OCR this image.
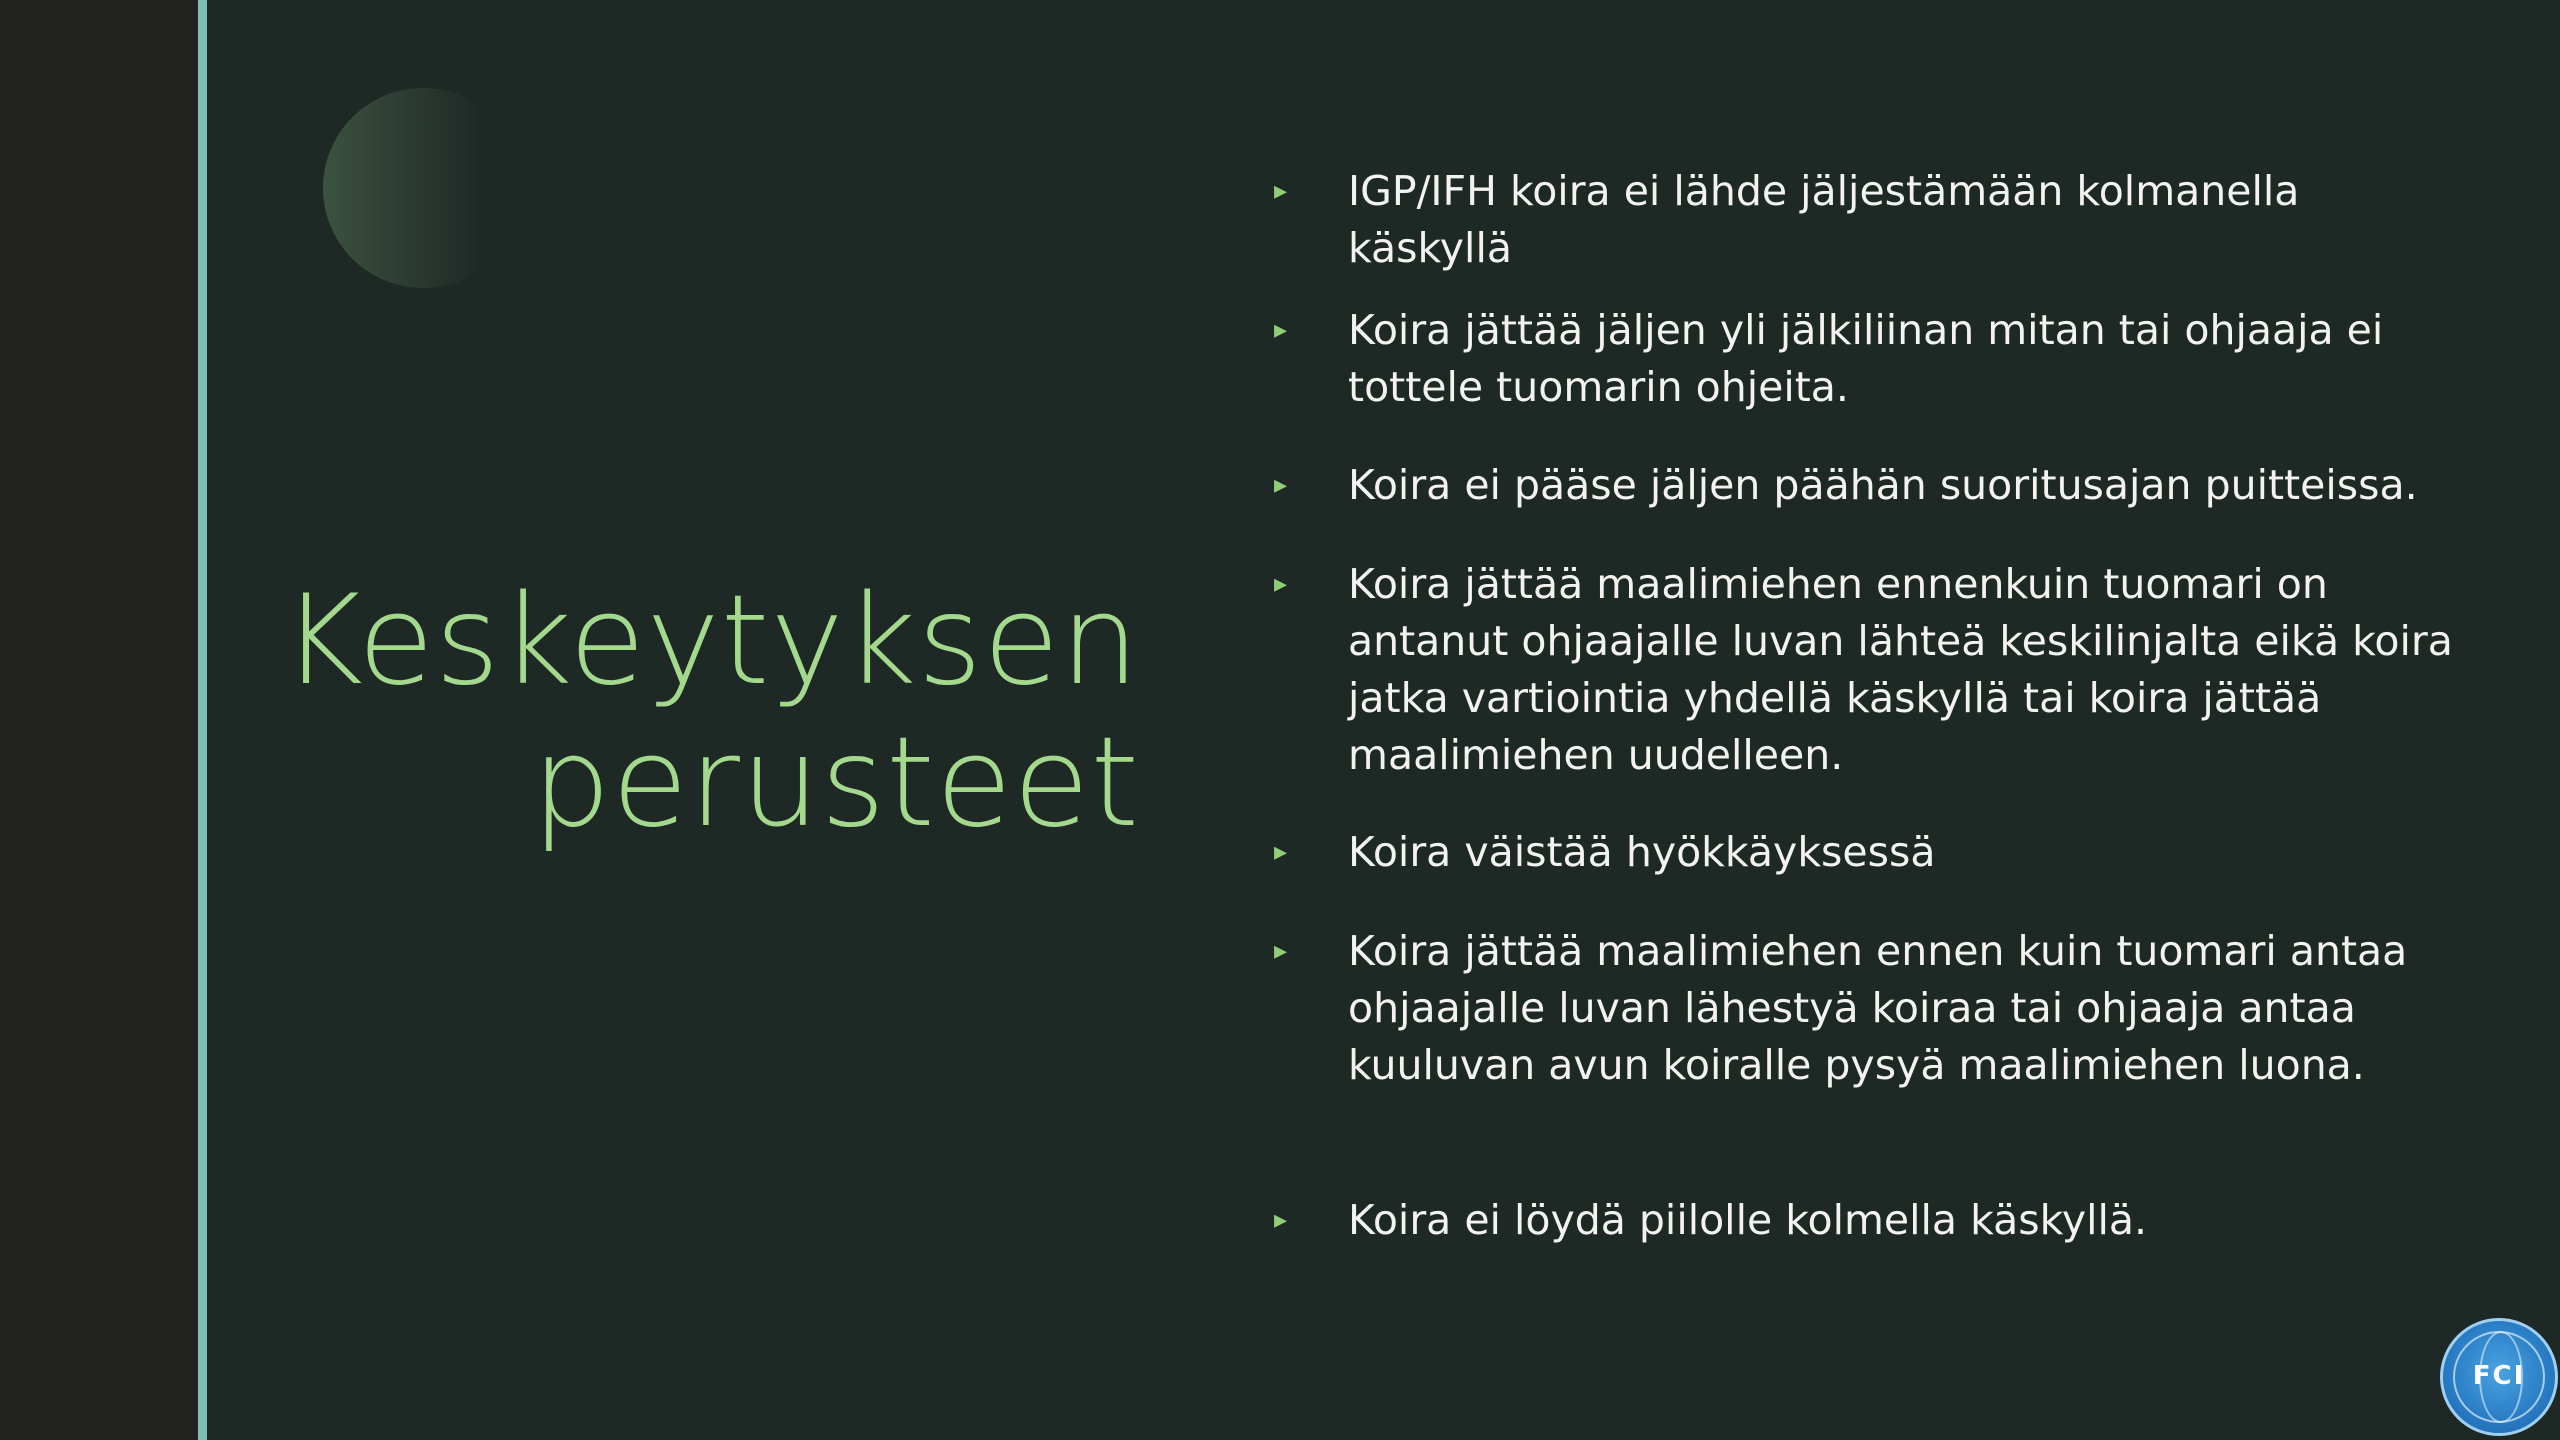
Keskeytyksen
perusteet
▸	IGP/IFH koira ei lähde jäljestämään kolmanella
käskyllä
▸	Koira jättää jäljen yli jälkiliinan mitan tai ohjaaja ei
tottele tuomarin ohjeita.
▸	Koira ei pääse jäljen päähän suoritusajan puitteissa.
▸	Koira jättää maalimiehen ennenkuin tuomari on
antanut ohjaajalle luvan lähteä keskilinjalta eikä koira
jatka vartiointia yhdellä käskyllä tai koira jättää
maalimiehen uudelleen.
▸	Koira väistää hyökkäyksessä
▸	Koira jättää maalimiehen ennen kuin tuomari antaa
ohjaajalle luvan lähestyä koiraa tai ohjaaja antaa
kuuluvan avun koiralle pysyä maalimiehen luona.
▸	Koira ei löydä piilolle kolmella käskyllä.
FCI
